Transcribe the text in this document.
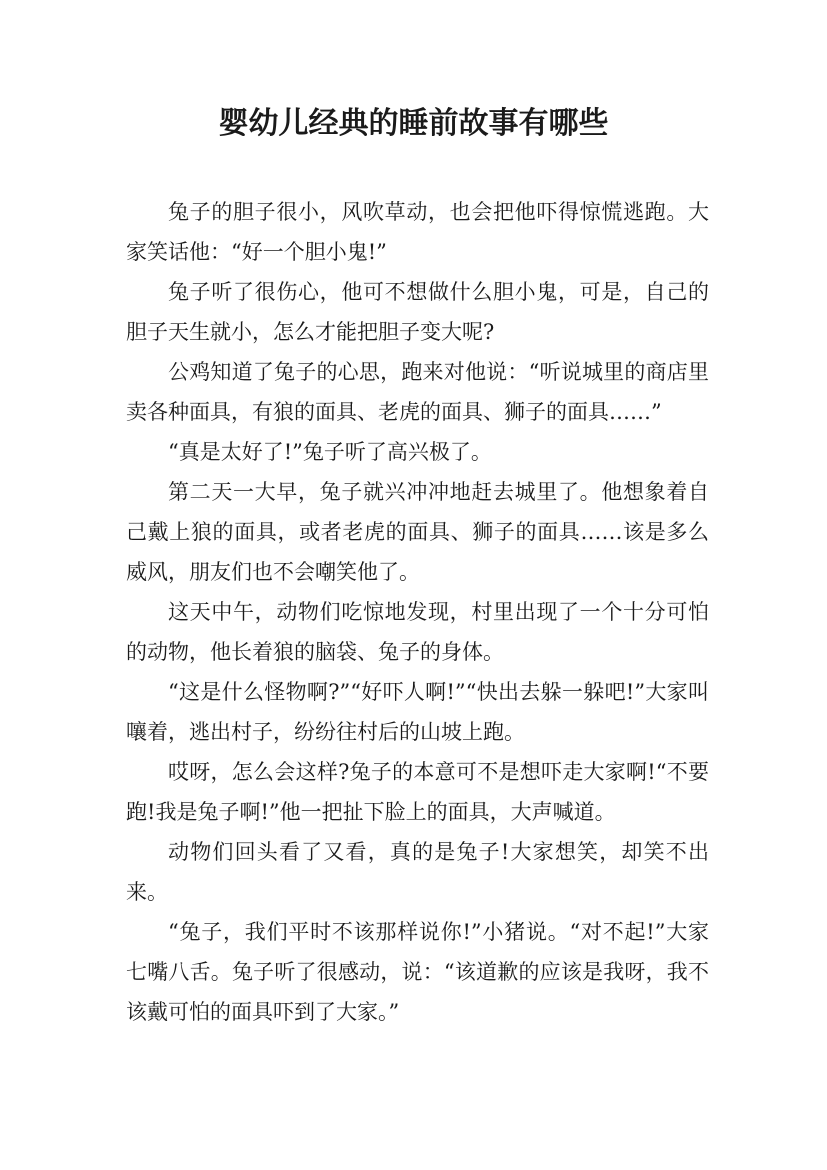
婴幼儿经典的睡前故事有哪些

兔子的胆子很小，风吹草动，也会把他吓得惊慌逃跑。大家笑话他：“好一个胆小鬼!”

兔子听了很伤心，他可不想做什么胆小鬼，可是，自己的胆子天生就小，怎么才能把胆子变大呢?

公鸡知道了兔子的心思，跑来对他说：“听说城里的商店里卖各种面具，有狼的面具、老虎的面具、狮子的面具……”

“真是太好了!”兔子听了高兴极了。

第二天一大早，兔子就兴冲冲地赶去城里了。他想象着自己戴上狼的面具，或者老虎的面具、狮子的面具……该是多么威风，朋友们也不会嘲笑他了。

这天中午，动物们吃惊地发现，村里出现了一个十分可怕的动物，他长着狼的脑袋、兔子的身体。

“这是什么怪物啊?”“好吓人啊!”“快出去躲一躲吧!”大家叫嚷着，逃出村子，纷纷往村后的山坡上跑。

哎呀，怎么会这样?兔子的本意可不是想吓走大家啊!“不要跑!我是兔子啊!”他一把扯下脸上的面具，大声喊道。

动物们回头看了又看，真的是兔子!大家想笑，却笑不出来。

“兔子，我们平时不该那样说你!”小猪说。“对不起!”大家七嘴八舌。兔子听了很感动，说：“该道歉的应该是我呀，我不该戴可怕的面具吓到了大家。”
